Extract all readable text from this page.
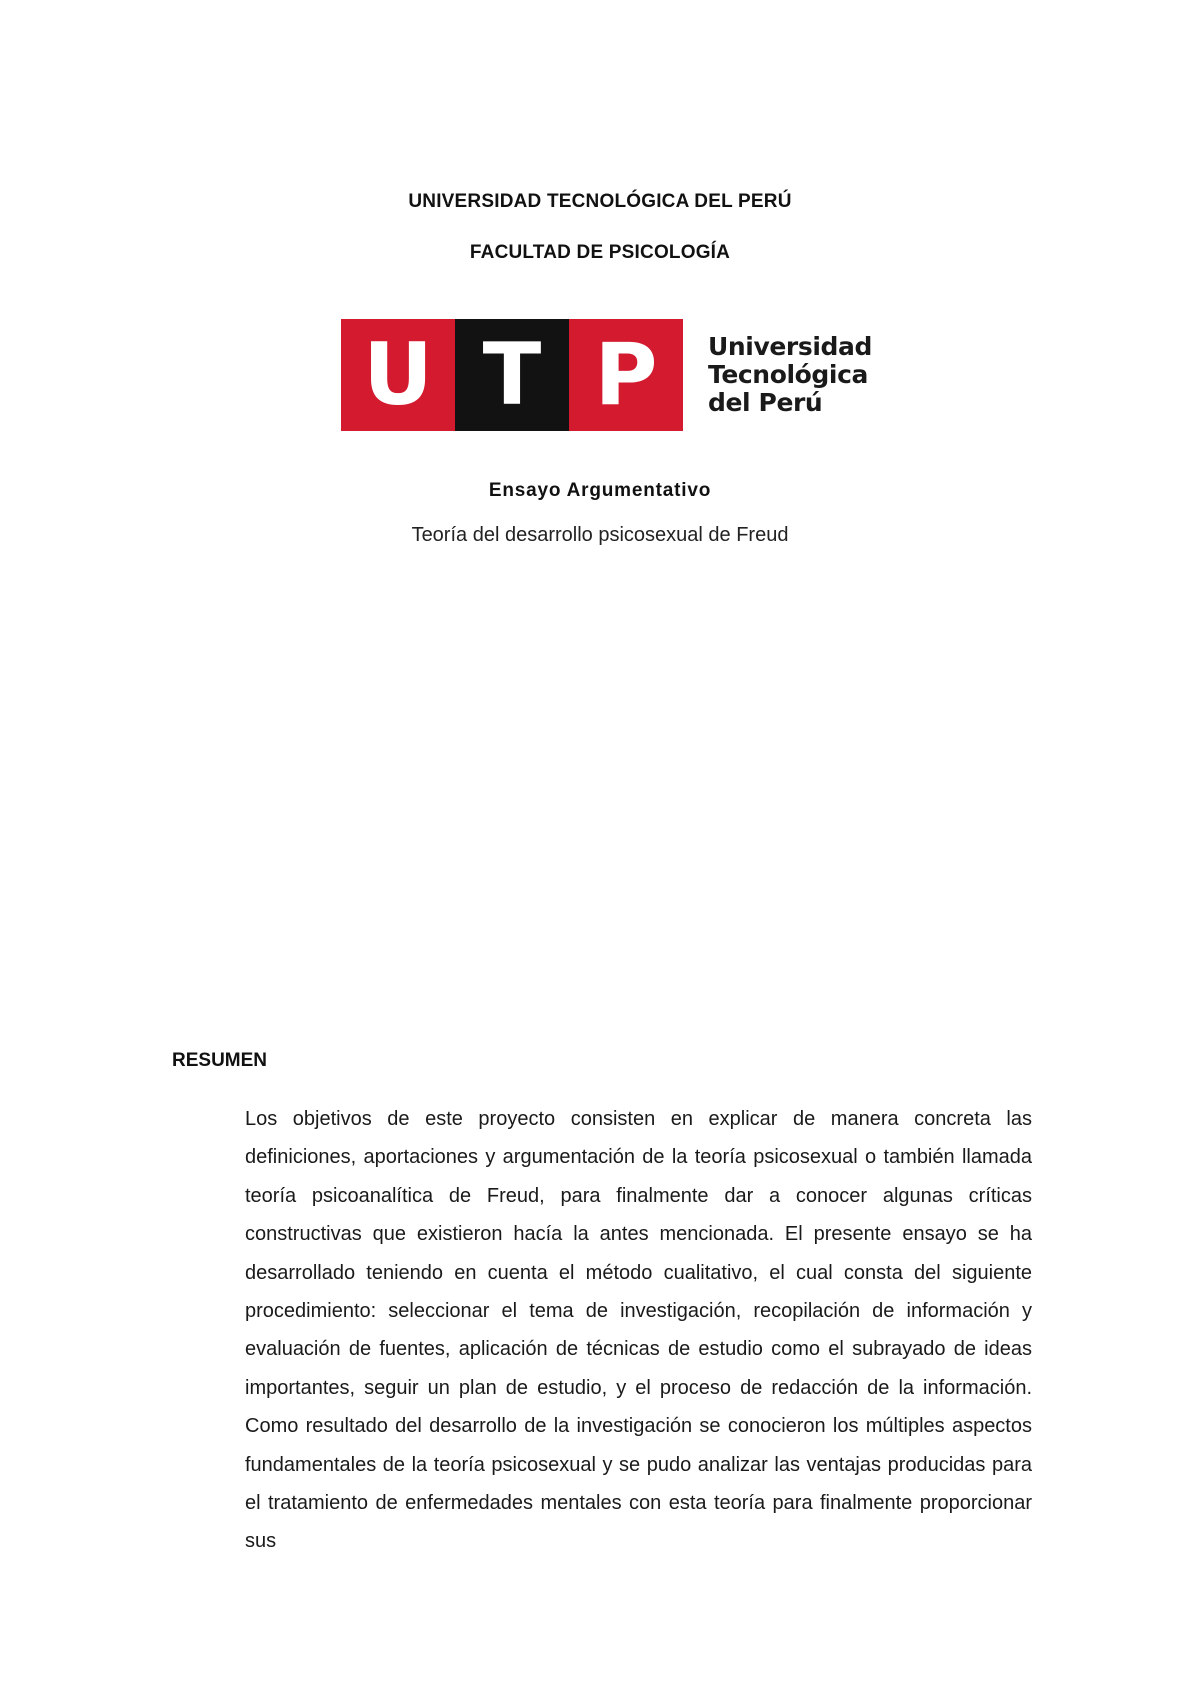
UNIVERSIDAD TECNOLÓGICA DEL PERÚ
FACULTAD DE PSICOLOGÍA
U T P	Universidad
Tecnológica
del Perú
Ensayo Argumentativo
Teoría del desarrollo psicosexual de Freud
RESUMEN

Los objetivos de este proyecto consisten en explicar de manera concreta las definiciones, aportaciones y argumentación de la teoría psicosexual o también llamada teoría psicoanalítica de Freud, para finalmente dar a conocer algunas críticas constructivas que existieron hacía la antes mencionada. El presente ensayo se ha desarrollado teniendo en cuenta el método cualitativo, el cual consta del siguiente procedimiento: seleccionar el tema de investigación, recopilación de información y evaluación de fuentes, aplicación de técnicas de estudio como el subrayado de ideas importantes, seguir un plan de estudio, y el proceso de redacción de la información. Como resultado del desarrollo de la investigación se conocieron los múltiples aspectos fundamentales de la teoría psicosexual y se pudo analizar las ventajas producidas para el tratamiento de enfermedades mentales con esta teoría para finalmente proporcionar sus
